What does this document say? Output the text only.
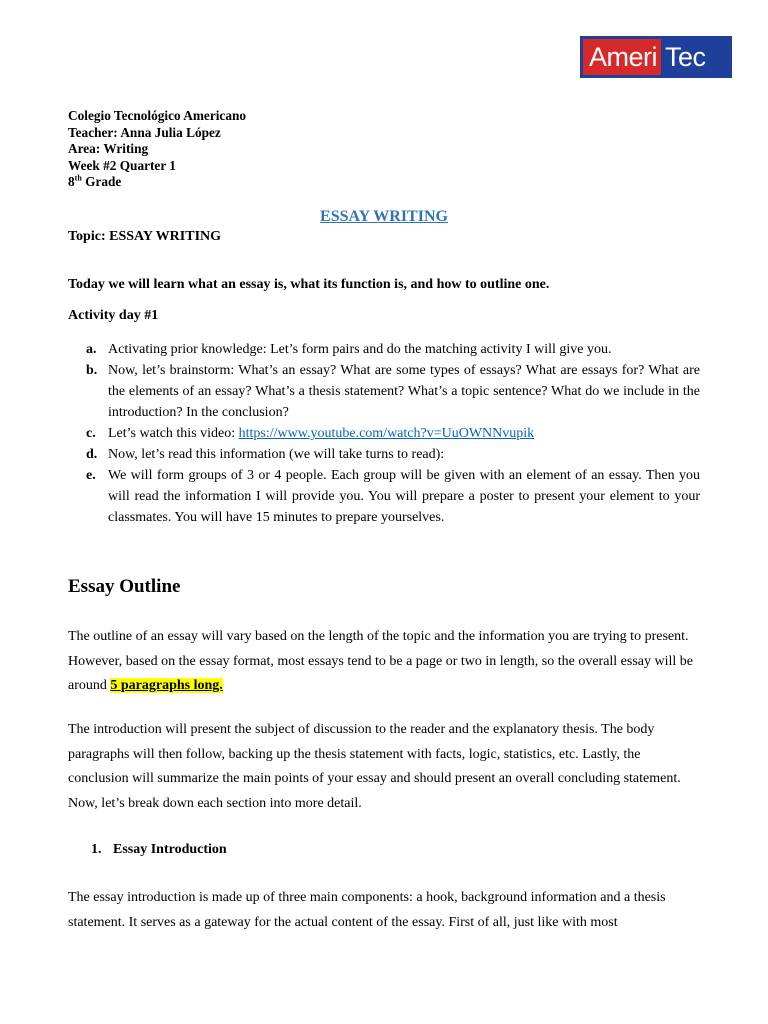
Ameri Tec
Colegio Tecnológico Americano
Teacher: Anna Julia López
Area: Writing
Week #2 Quarter 1
8th Grade
ESSAY WRITING
Topic: ESSAY WRITING
Today we will learn what an essay is, what its function is, and how to outline one.
Activity day #1
a. Activating prior knowledge: Let’s form pairs and do the matching activity I will give you.
b. Now, let’s brainstorm: What’s an essay? What are some types of essays? What are essays for? What are the elements of an essay? What’s a thesis statement? What’s a topic sentence? What do we include in the introduction? In the conclusion?
c. Let’s watch this video: https://www.youtube.com/watch?v=UuOWNNvupik
d. Now, let’s read this information (we will take turns to read):
e. We will form groups of 3 or 4 people. Each group will be given with an element of an essay. Then you will read the information I will provide you. You will prepare a poster to present your element to your classmates. You will have 15 minutes to prepare yourselves.
Essay Outline
The outline of an essay will vary based on the length of the topic and the information you are trying to present. However, based on the essay format, most essays tend to be a page or two in length, so the overall essay will be around 5 paragraphs long.
The introduction will present the subject of discussion to the reader and the explanatory thesis. The body paragraphs will then follow, backing up the thesis statement with facts, logic, statistics, etc. Lastly, the conclusion will summarize the main points of your essay and should present an overall concluding statement. Now, let’s break down each section into more detail.
1. Essay Introduction
The essay introduction is made up of three main components: a hook, background information and a thesis statement. It serves as a gateway for the actual content of the essay. First of all, just like with most
